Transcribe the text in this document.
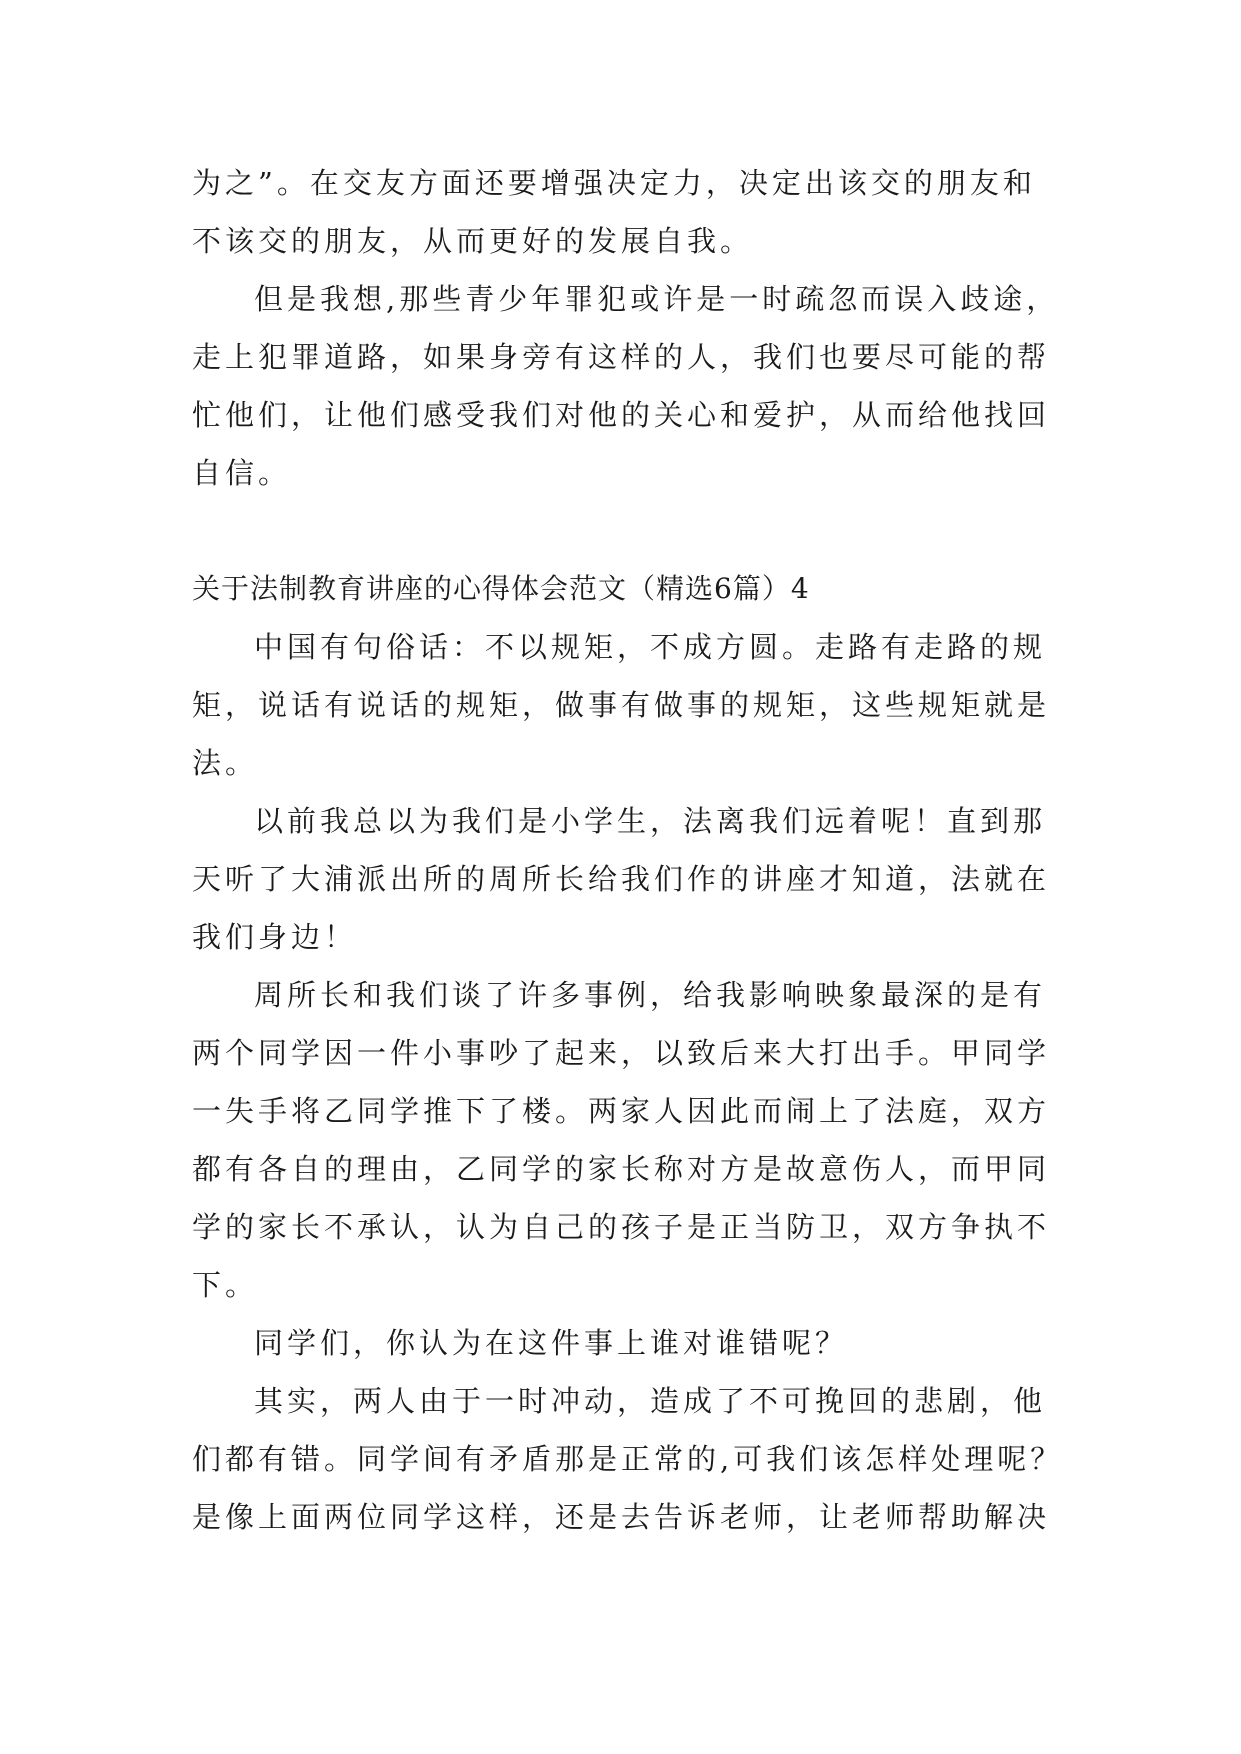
为之”。在交友方面还要增强决定力，决定出该交的朋友和
不该交的朋友，从而更好的发展自我。
但是我想,那些青少年罪犯或许是一时疏忽而误入歧途，
走上犯罪道路，如果身旁有这样的人，我们也要尽可能的帮
忙他们，让他们感受我们对他的关心和爱护，从而给他找回
自信。
关于法制教育讲座的心得体会范文（精选6篇）4
中国有句俗话：不以规矩，不成方圆。走路有走路的规
矩，说话有说话的规矩，做事有做事的规矩，这些规矩就是
法。
以前我总以为我们是小学生，法离我们远着呢！直到那
天听了大浦派出所的周所长给我们作的讲座才知道，法就在
我们身边！
周所长和我们谈了许多事例，给我影响映象最深的是有
两个同学因一件小事吵了起来，以致后来大打出手。甲同学
一失手将乙同学推下了楼。两家人因此而闹上了法庭，双方
都有各自的理由，乙同学的家长称对方是故意伤人，而甲同
学的家长不承认，认为自己的孩子是正当防卫，双方争执不
下。
同学们，你认为在这件事上谁对谁错呢？
其实，两人由于一时冲动，造成了不可挽回的悲剧，他
们都有错。同学间有矛盾那是正常的,可我们该怎样处理呢？
是像上面两位同学这样，还是去告诉老师，让老师帮助解决
